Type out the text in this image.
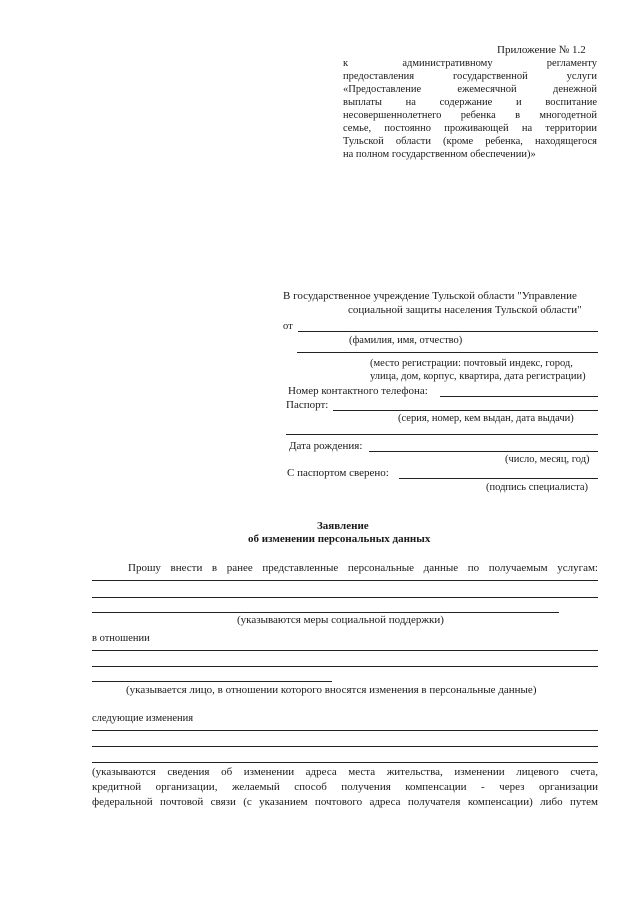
Приложение № 1.2
к административному регламенту
предоставления государственной услуги
«Предоставление ежемесячной денежной
выплаты на содержание и воспитание
несовершеннолетнего ребенка в многодетной
семье, постоянно проживающей на территории
Тульской области (кроме ребенка, находящегося
на полном государственном обеспечении)»
В государственное учреждение Тульской области "Управление
социальной защиты населения Тульской области"
от
(фамилия, имя, отчество)
(место регистрации: почтовый индекс, город,
улица, дом, корпус, квартира, дата регистрации)
Номер контактного телефона:
Паспорт:
(серия, номер, кем выдан, дата выдачи)
Дата рождения:
(число, месяц, год)
С паспортом сверено:
(подпись специалиста)
Заявление
об изменении персональных данных
Прошу внести в ранее представленные персональные данные по получаемым услугам:
(указываются меры социальной поддержки)
в отношении
(указывается лицо, в отношении которого вносятся изменения в персональные данные)
следующие изменения
(указываются сведения об изменении адреса места жительства, изменении лицевого счета,
кредитной организации, желаемый способ получения компенсации - через организации
федеральной почтовой связи (с указанием почтового адреса получателя компенсации) либо путем
